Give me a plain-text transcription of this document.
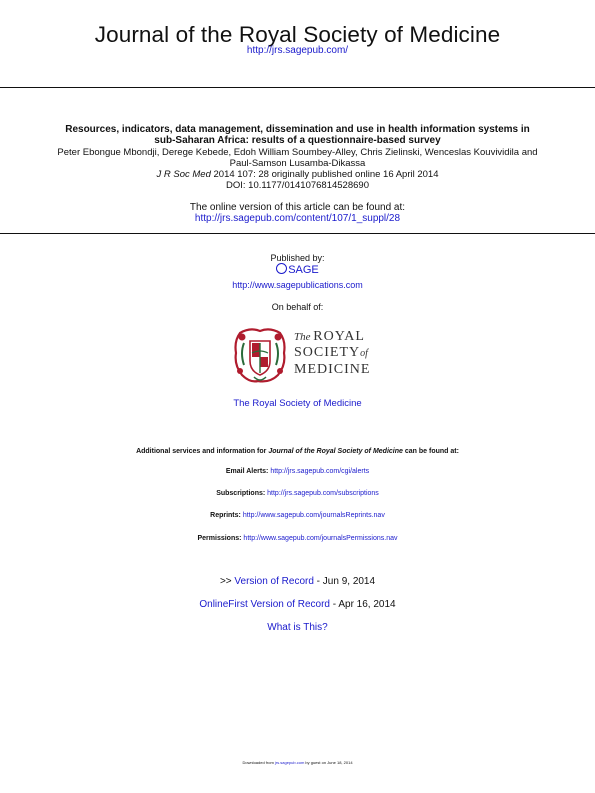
Journal of the Royal Society of Medicine
http://jrs.sagepub.com/
Resources, indicators, data management, dissemination and use in health information systems in
sub-Saharan Africa: results of a questionnaire-based survey
Peter Ebongue Mbondji, Derege Kebede, Edoh William Soumbey-Alley, Chris Zielinski, Wenceslas Kouvividila and
Paul-Samson Lusamba-Dikassa
J R Soc Med 2014 107: 28 originally published online 16 April 2014
DOI: 10.1177/0141076814528690
The online version of this article can be found at:
http://jrs.sagepub.com/content/107/1_suppl/28
Published by:
SAGE
http://www.sagepublications.com
On behalf of:
The ROYAL
SOCIETYof
MEDICINE
The Royal Society of Medicine
Additional services and information for Journal of the Royal Society of Medicine can be found at:
Email Alerts: http://jrs.sagepub.com/cgi/alerts
Subscriptions: http://jrs.sagepub.com/subscriptions
Reprints: http://www.sagepub.com/journalsReprints.nav
Permissions: http://www.sagepub.com/journalsPermissions.nav
>> Version of Record - Jun 9, 2014
OnlineFirst Version of Record - Apr 16, 2014
What is This?
Downloaded from jrs.sagepub.com by guest on June 18, 2014
